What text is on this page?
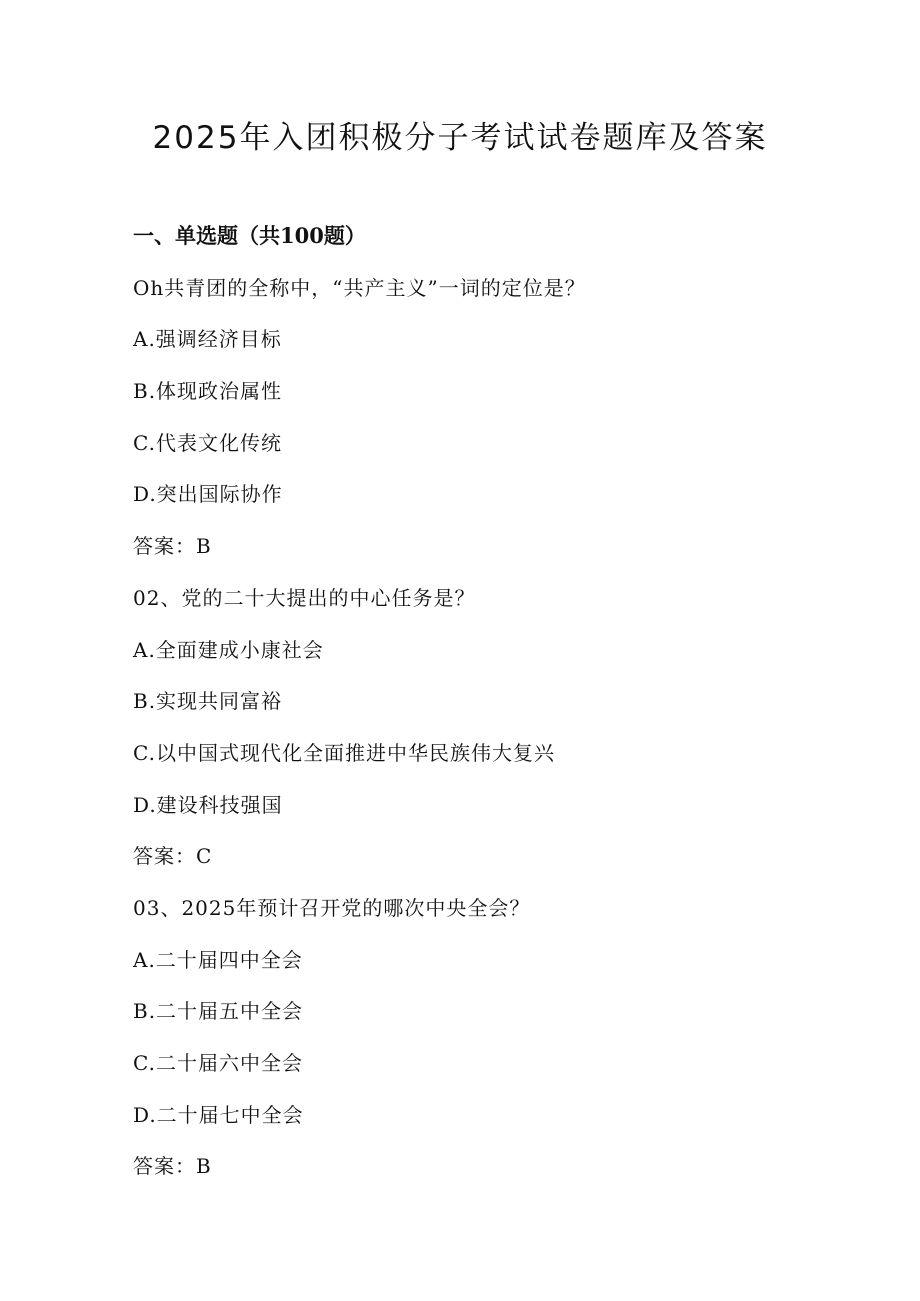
2025年入团积极分子考试试卷题库及答案
一、单选题（共100题）
Oh共青团的全称中，“共产主义”一词的定位是？
A.强调经济目标
B.体现政治属性
C.代表文化传统
D.突出国际协作
答案：B
02、党的二十大提出的中心任务是？
A.全面建成小康社会
B.实现共同富裕
C.以中国式现代化全面推进中华民族伟大复兴
D.建设科技强国
答案：C
03、2025年预计召开党的哪次中央全会？
A.二十届四中全会
B.二十届五中全会
C.二十届六中全会
D.二十届七中全会
答案：B
